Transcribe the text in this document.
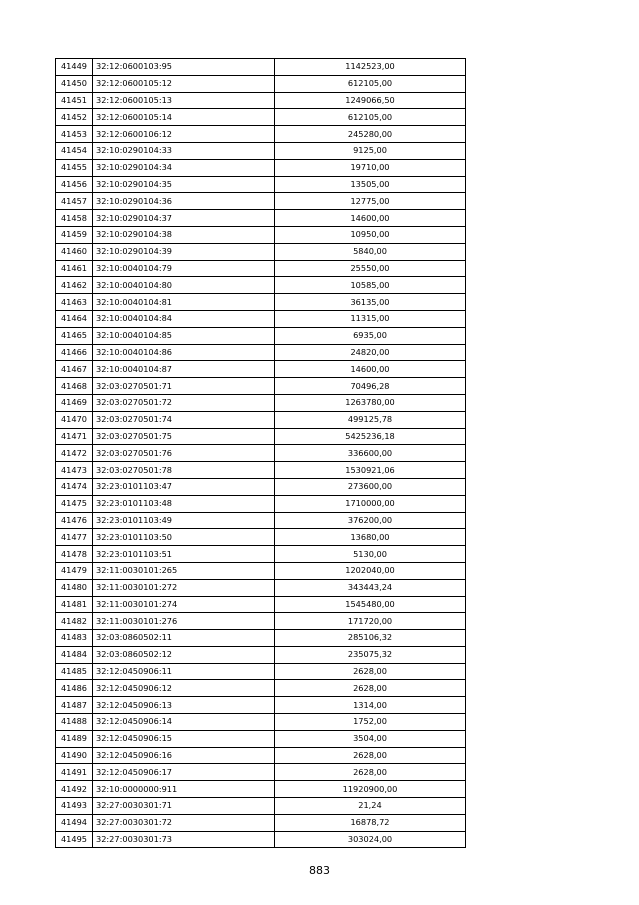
41449	32:12:0600103:95	1142523,00
41450	32:12:0600105:12	612105,00
41451	32:12:0600105:13	1249066,50
41452	32:12:0600105:14	612105,00
41453	32:12:0600106:12	245280,00
41454	32:10:0290104:33	9125,00
41455	32:10:0290104:34	19710,00
41456	32:10:0290104:35	13505,00
41457	32:10:0290104:36	12775,00
41458	32:10:0290104:37	14600,00
41459	32:10:0290104:38	10950,00
41460	32:10:0290104:39	5840,00
41461	32:10:0040104:79	25550,00
41462	32:10:0040104:80	10585,00
41463	32:10:0040104:81	36135,00
41464	32:10:0040104:84	11315,00
41465	32:10:0040104:85	6935,00
41466	32:10:0040104:86	24820,00
41467	32:10:0040104:87	14600,00
41468	32:03:0270501:71	70496,28
41469	32:03:0270501:72	1263780,00
41470	32:03:0270501:74	499125,78
41471	32:03:0270501:75	5425236,18
41472	32:03:0270501:76	336600,00
41473	32:03:0270501:78	1530921,06
41474	32:23:0101103:47	273600,00
41475	32:23:0101103:48	1710000,00
41476	32:23:0101103:49	376200,00
41477	32:23:0101103:50	13680,00
41478	32:23:0101103:51	5130,00
41479	32:11:0030101:265	1202040,00
41480	32:11:0030101:272	343443,24
41481	32:11:0030101:274	1545480,00
41482	32:11:0030101:276	171720,00
41483	32:03:0860502:11	285106,32
41484	32:03:0860502:12	235075,32
41485	32:12:0450906:11	2628,00
41486	32:12:0450906:12	2628,00
41487	32:12:0450906:13	1314,00
41488	32:12:0450906:14	1752,00
41489	32:12:0450906:15	3504,00
41490	32:12:0450906:16	2628,00
41491	32:12:0450906:17	2628,00
41492	32:10:0000000:911	11920900,00
41493	32:27:0030301:71	21,24
41494	32:27:0030301:72	16878,72
41495	32:27:0030301:73	303024,00
883
